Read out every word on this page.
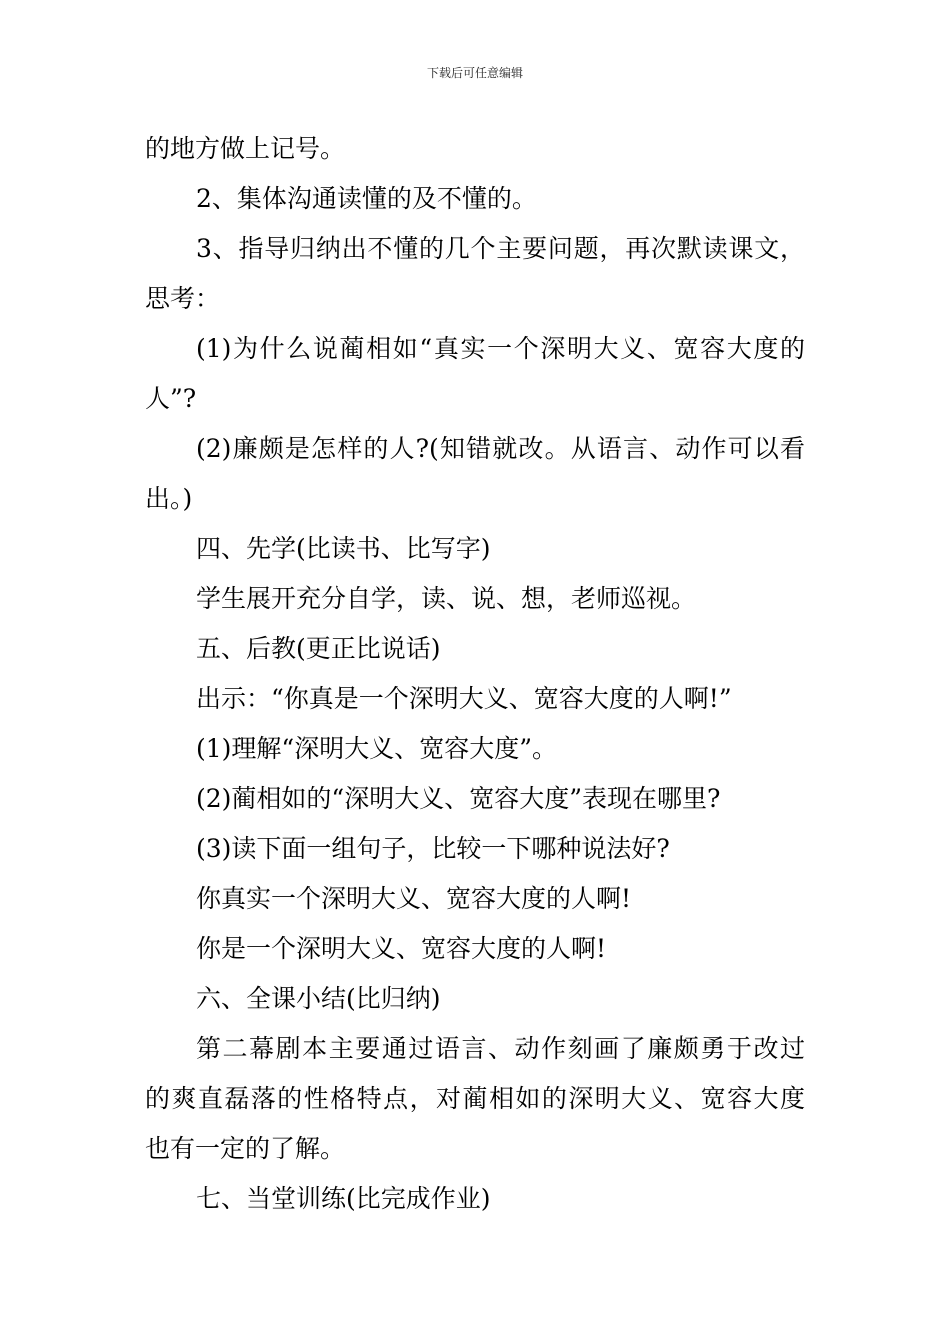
下载后可任意编辑
的地方做上记号。
2、集体沟通读懂的及不懂的。
3、指导归纳出不懂的几个主要问题，再次默读课文，
思考：
(1)为什么说蔺相如“真实一个深明大义、宽容大度的
人”?
(2)廉颇是怎样的人?(知错就改。从语言、动作可以看
出。)
四、先学(比读书、比写字)
学生展开充分自学，读、说、想，老师巡视。
五、后教(更正比说话)
出示：“你真是一个深明大义、宽容大度的人啊!”
(1)理解“深明大义、宽容大度”。
(2)蔺相如的“深明大义、宽容大度”表现在哪里?
(3)读下面一组句子，比较一下哪种说法好?
你真实一个深明大义、宽容大度的人啊!
你是一个深明大义、宽容大度的人啊!
六、全课小结(比归纳)
第二幕剧本主要通过语言、动作刻画了廉颇勇于改过
的爽直磊落的性格特点，对蔺相如的深明大义、宽容大度
也有一定的了解。
七、当堂训练(比完成作业)
